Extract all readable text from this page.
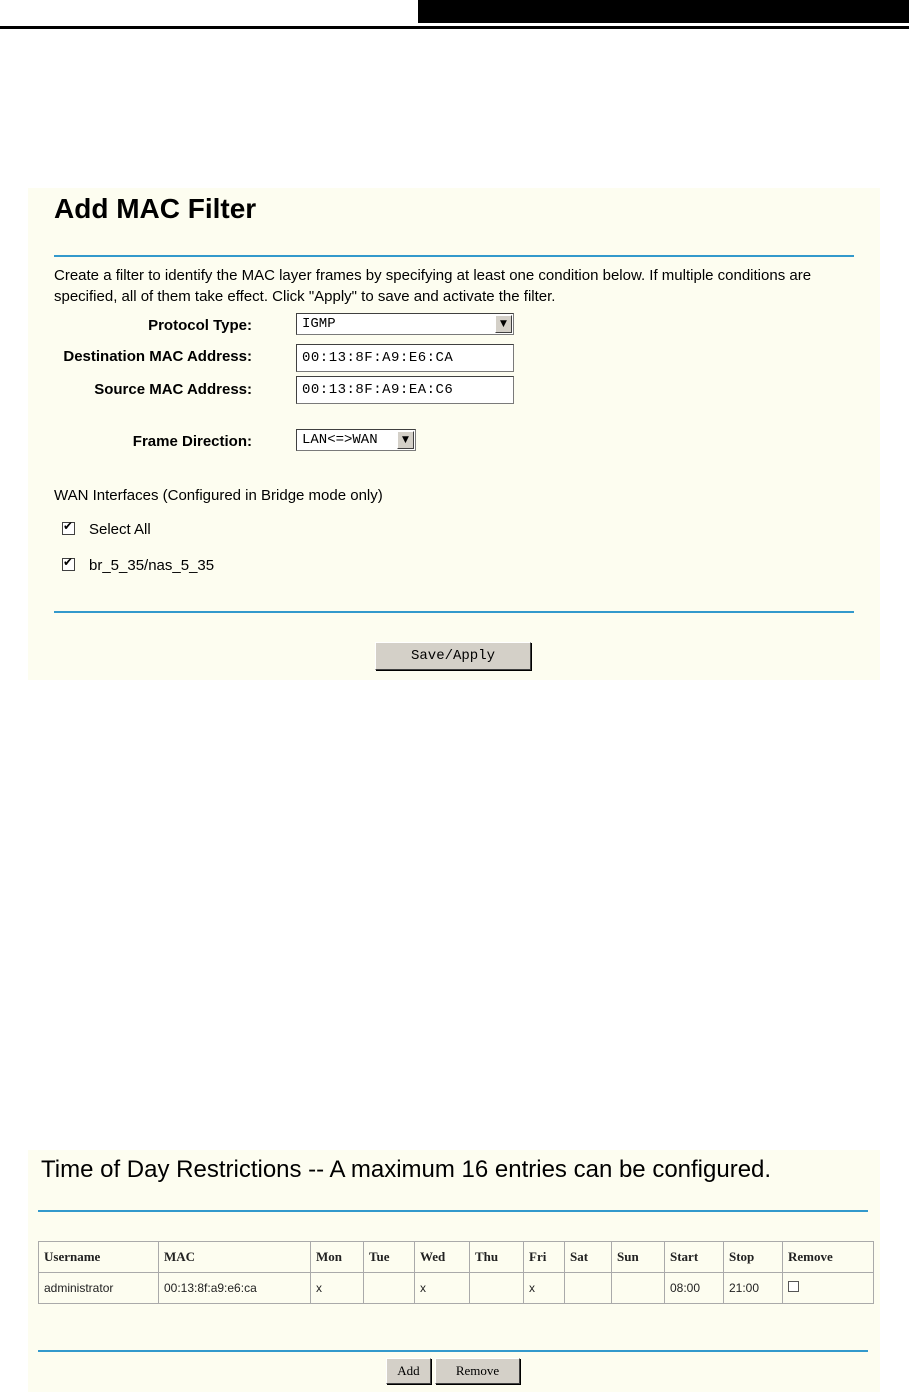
Add MAC Filter
Create a filter to identify the MAC layer frames by specifying at least one condition below. If multiple conditions are specified, all of them take effect. Click "Apply" to save and activate the filter.
Protocol Type:	IGMP	▼
Destination MAC Address:
00:13:8F:A9:E6:CA
Source MAC Address:
00:13:8F:A9:EA:C6
Frame Direction:	LAN<=>WAN	▼
WAN Interfaces (Configured in Bridge mode only)
✔ Select All
✔ br_5_35/nas_5_35
Save/Apply
Time of Day Restrictions -- A maximum 16 entries can be configured.
Username	MAC	Mon	Tue	Wed	Thu	Fri	Sat	Sun	Start	Stop	Remove
administrator	00:13:8f:a9:e6:ca	x		x		x			08:00	21:00	
Add	Remove
